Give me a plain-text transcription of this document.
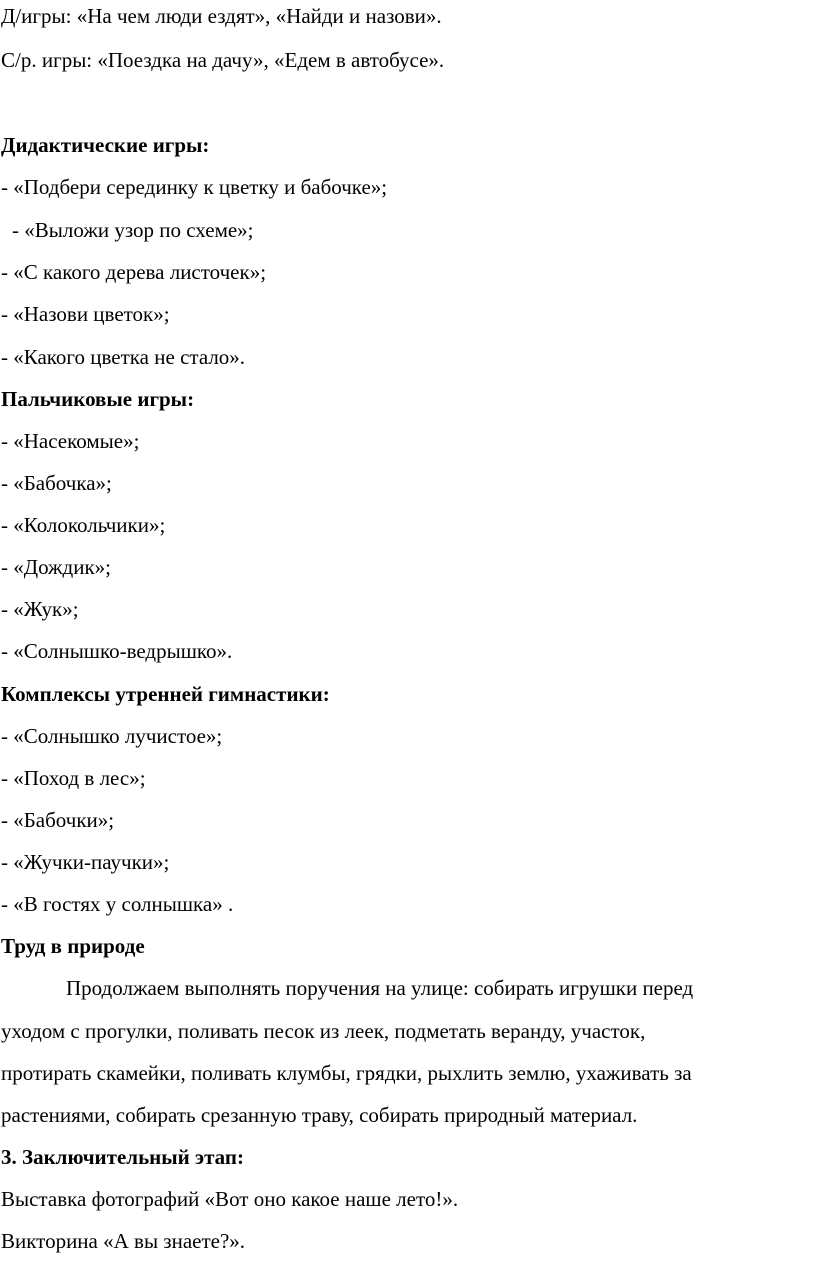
Д/игры: «На чем люди ездят», «Найди и назови».
С/р. игры: «Поездка на дачу», «Едем в автобусе».
Дидактические игры:
- «Подбери серединку к цветку и бабочке»;
- «Выложи узор по схеме»;
- «С какого дерева листочек»;
- «Назови цветок»;
- «Какого цветка не стало».
Пальчиковые игры:
- «Насекомые»;
- «Бабочка»;
- «Колокольчики»;
- «Дождик»;
- «Жук»;
- «Солнышко-ведрышко».
Комплексы утренней гимнастики:
- «Солнышко лучистое»;
- «Поход в лес»;
- «Бабочки»;
- «Жучки-паучки»;
- «В гостях у солнышка» .
Труд в природе
Продолжаем выполнять поручения на улице: собирать игрушки перед
уходом с прогулки, поливать песок из леек, подметать веранду, участок,
протирать скамейки, поливать клумбы, грядки, рыхлить землю, ухаживать за
растениями, собирать срезанную траву, собирать природный материал.
3. Заключительный этап:
Выставка фотографий «Вот оно какое наше лето!».
Викторина «А вы знаете?».
